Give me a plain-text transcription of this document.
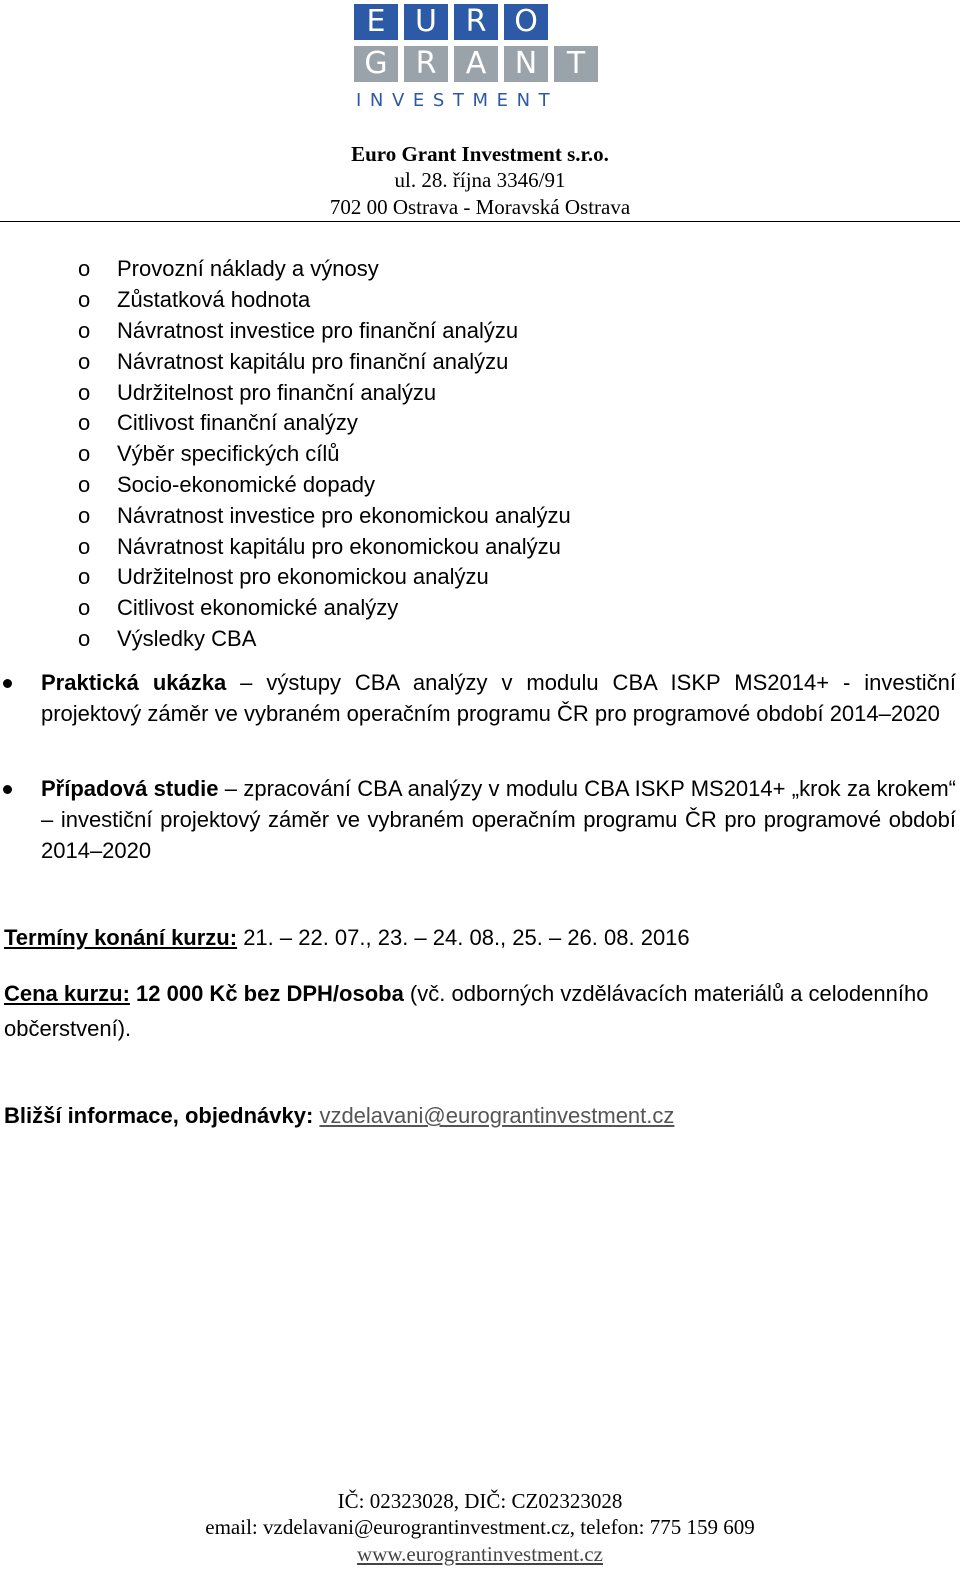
E U R O
G R A N T
INVESTMENT
Euro Grant Investment s.r.o.
ul. 28. října 3346/91
702 00 Ostrava - Moravská Ostrava
o	Provozní náklady a výnosy
o	Zůstatková hodnota
o	Návratnost investice pro finanční analýzu
o	Návratnost kapitálu pro finanční analýzu
o	Udržitelnost pro finanční analýzu
o	Citlivost finanční analýzy
o	Výběr specifických cílů
o	Socio-ekonomické dopady
o	Návratnost investice pro ekonomickou analýzu
o	Návratnost kapitálu pro ekonomickou analýzu
o	Udržitelnost pro ekonomickou analýzu
o	Citlivost ekonomické analýzy
o	Výsledky CBA
Praktická ukázka – výstupy CBA analýzy v modulu CBA ISKP MS2014+ - investiční projektový záměr ve vybraném operačním programu ČR pro programové období 2014–2020
Případová studie – zpracování CBA analýzy v modulu CBA ISKP MS2014+ „krok za krokem“ – investiční projektový záměr ve vybraném operačním programu ČR pro programové období 2014–2020
Termíny konání kurzu: 21. – 22. 07., 23. – 24. 08., 25. – 26. 08. 2016
Cena kurzu: 12 000 Kč bez DPH/osoba (vč. odborných vzdělávacích materiálů a celodenního občerstvení).
Bližší informace, objednávky: vzdelavani@eurograntinvestment.cz
IČ: 02323028, DIČ: CZ02323028
email: vzdelavani@eurograntinvestment.cz, telefon: 775 159 609
www.eurograntinvestment.cz
